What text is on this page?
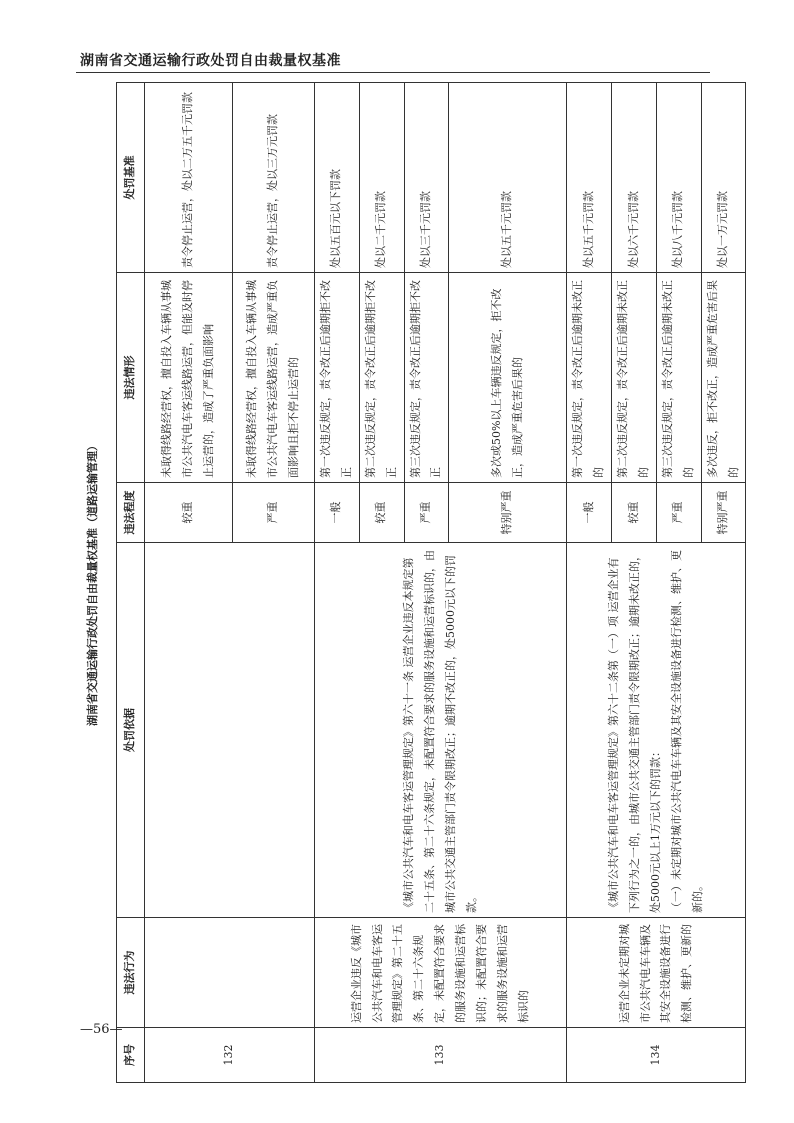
湖南省交通运输行政处罚自由裁量权基准
湖南省交通运输行政处罚自由裁量权基准（道路运输管理）
序号	违法行为	处罚依据	违法程度	违法情形	处罚基准
132			较重	未取得线路经营权，擅自投入车辆从事城市公共汽电车客运线路运营，但能及时停止运营的，造成了严重负面影响	责令停止运营，处以二万五千元罚款
			严重	未取得线路经营权，擅自投入车辆从事城市公共汽电车客运线路运营，造成严重负面影响且拒不停止运营的	责令停止运营，处以三万元罚款
133	运营企业违反《城市公共汽车和电车客运管理规定》第二十五条、第二十六条规定，未配置符合要求的服务设施和运营标识的；未配置符合要求的服务设施和运营标识的	《城市公共汽车和电车客运管理规定》第六十一条 运营企业违反本规定第二十五条、第二十六条规定，未配置符合要求的服务设施和运营标识的，由城市公共交通主管部门责令限期改正；逾期不改正的，处5000元以下的罚款。	一般	第一次违反规定，责令改正后逾期拒不改正	处以五百元以下罚款
			较重	第二次违反规定，责令改正后逾期拒不改正	处以二千元罚款
			严重	第三次违反规定，责令改正后逾期拒不改正	处以三千元罚款
			特别严重	多次或50%以上车辆违反规定，拒不改正，造成严重危害后果的	处以五千元罚款
134	运营企业未定期对城市公共汽电车车辆及其安全设施设备进行检测、维护、更新的	《城市公共汽车和电车客运管理规定》第六十二条第（一）项 运营企业有下列行为之一的，由城市公共交通主管部门责令限期改正；逾期未改正的，处5000元以上1万元以下的罚款： （一）未定期对城市公共汽电车车辆及其安全设施设备进行检测、维护、更新的。	一般	第一次违反规定，责令改正后逾期未改正的	处以五千元罚款
			较重	第二次违反规定，责令改正后逾期未改正的	处以六千元罚款
			严重	第三次违反规定，责令改正后逾期未改正的	处以八千元罚款
			特别严重	多次违反，拒不改正，造成严重危害后果的	处以一万元罚款
—56—
